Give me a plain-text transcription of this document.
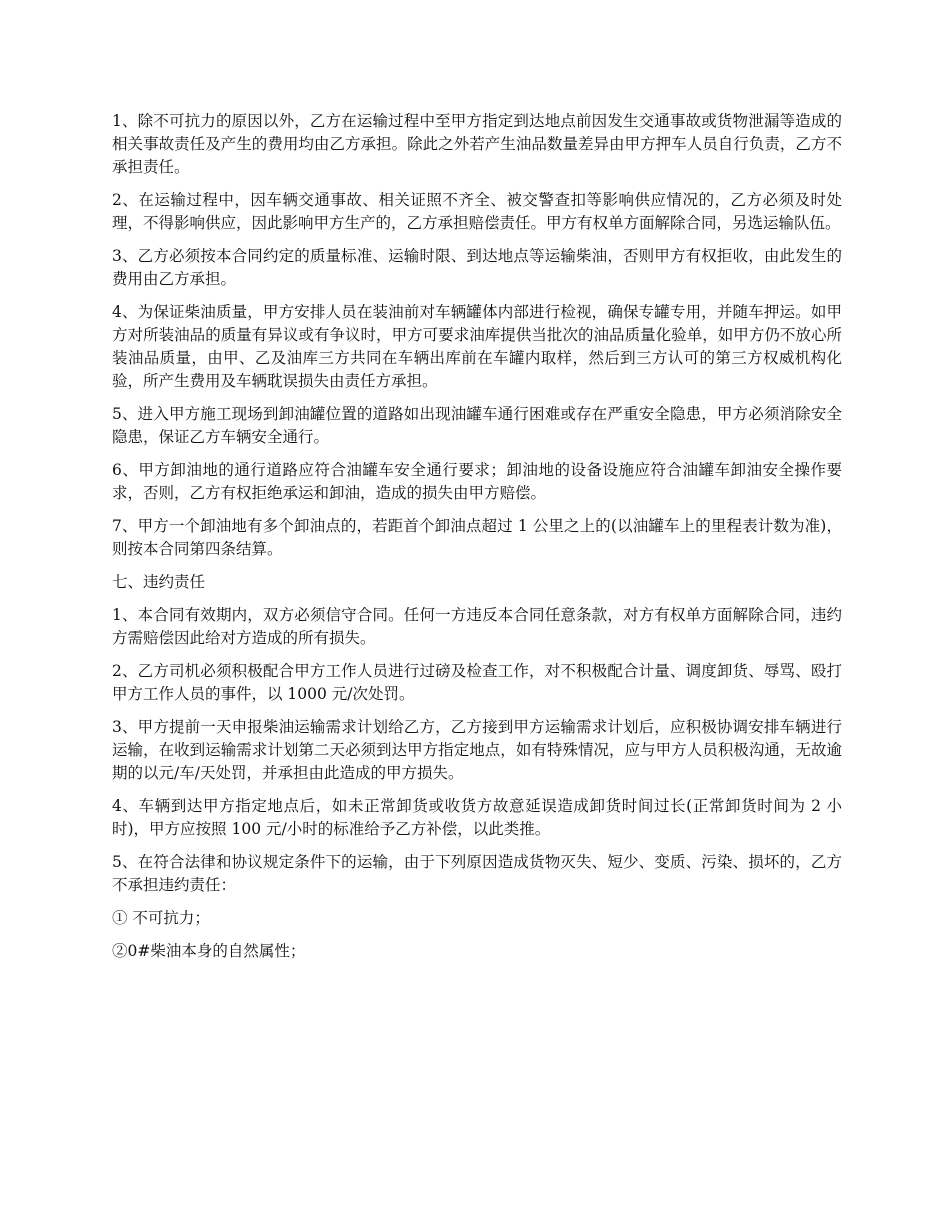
1、除不可抗力的原因以外，乙方在运输过程中至甲方指定到达地点前因发生交通事故或货物泄漏等造成的相关事故责任及产生的费用均由乙方承担。除此之外若产生油品数量差异由甲方押车人员自行负责，乙方不承担责任。

2、在运输过程中，因车辆交通事故、相关证照不齐全、被交警查扣等影响供应情况的，乙方必须及时处理，不得影响供应，因此影响甲方生产的，乙方承担赔偿责任。甲方有权单方面解除合同，另选运输队伍。

3、乙方必须按本合同约定的质量标准、运输时限、到达地点等运输柴油，否则甲方有权拒收，由此发生的费用由乙方承担。

4、为保证柴油质量，甲方安排人员在装油前对车辆罐体内部进行检视，确保专罐专用，并随车押运。如甲方对所装油品的质量有异议或有争议时，甲方可要求油库提供当批次的油品质量化验单，如甲方仍不放心所装油品质量，由甲、乙及油库三方共同在车辆出库前在车罐内取样，然后到三方认可的第三方权威机构化验，所产生费用及车辆耽误损失由责任方承担。

5、进入甲方施工现场到卸油罐位置的道路如出现油罐车通行困难或存在严重安全隐患，甲方必须消除安全隐患，保证乙方车辆安全通行。

6、甲方卸油地的通行道路应符合油罐车安全通行要求；卸油地的设备设施应符合油罐车卸油安全操作要求，否则，乙方有权拒绝承运和卸油，造成的损失由甲方赔偿。

7、甲方一个卸油地有多个卸油点的，若距首个卸油点超过 1 公里之上的(以油罐车上的里程表计数为准)，则按本合同第四条结算。

七、违约责任

1、本合同有效期内，双方必须信守合同。任何一方违反本合同任意条款，对方有权单方面解除合同，违约方需赔偿因此给对方造成的所有损失。

2、乙方司机必须积极配合甲方工作人员进行过磅及检查工作，对不积极配合计量、调度卸货、辱骂、殴打甲方工作人员的事件，以 1000 元/次处罚。

3、甲方提前一天申报柴油运输需求计划给乙方，乙方接到甲方运输需求计划后，应积极协调安排车辆进行运输，在收到运输需求计划第二天必须到达甲方指定地点，如有特殊情况，应与甲方人员积极沟通，无故逾期的以元/车/天处罚，并承担由此造成的甲方损失。

4、车辆到达甲方指定地点后，如未正常卸货或收货方故意延误造成卸货时间过长(正常卸货时间为 2 小时)，甲方应按照 100 元/小时的标准给予乙方补偿，以此类推。

5、在符合法律和协议规定条件下的运输，由于下列原因造成货物灭失、短少、变质、污染、损坏的，乙方不承担违约责任：

① 不可抗力；

②0#柴油本身的自然属性；
